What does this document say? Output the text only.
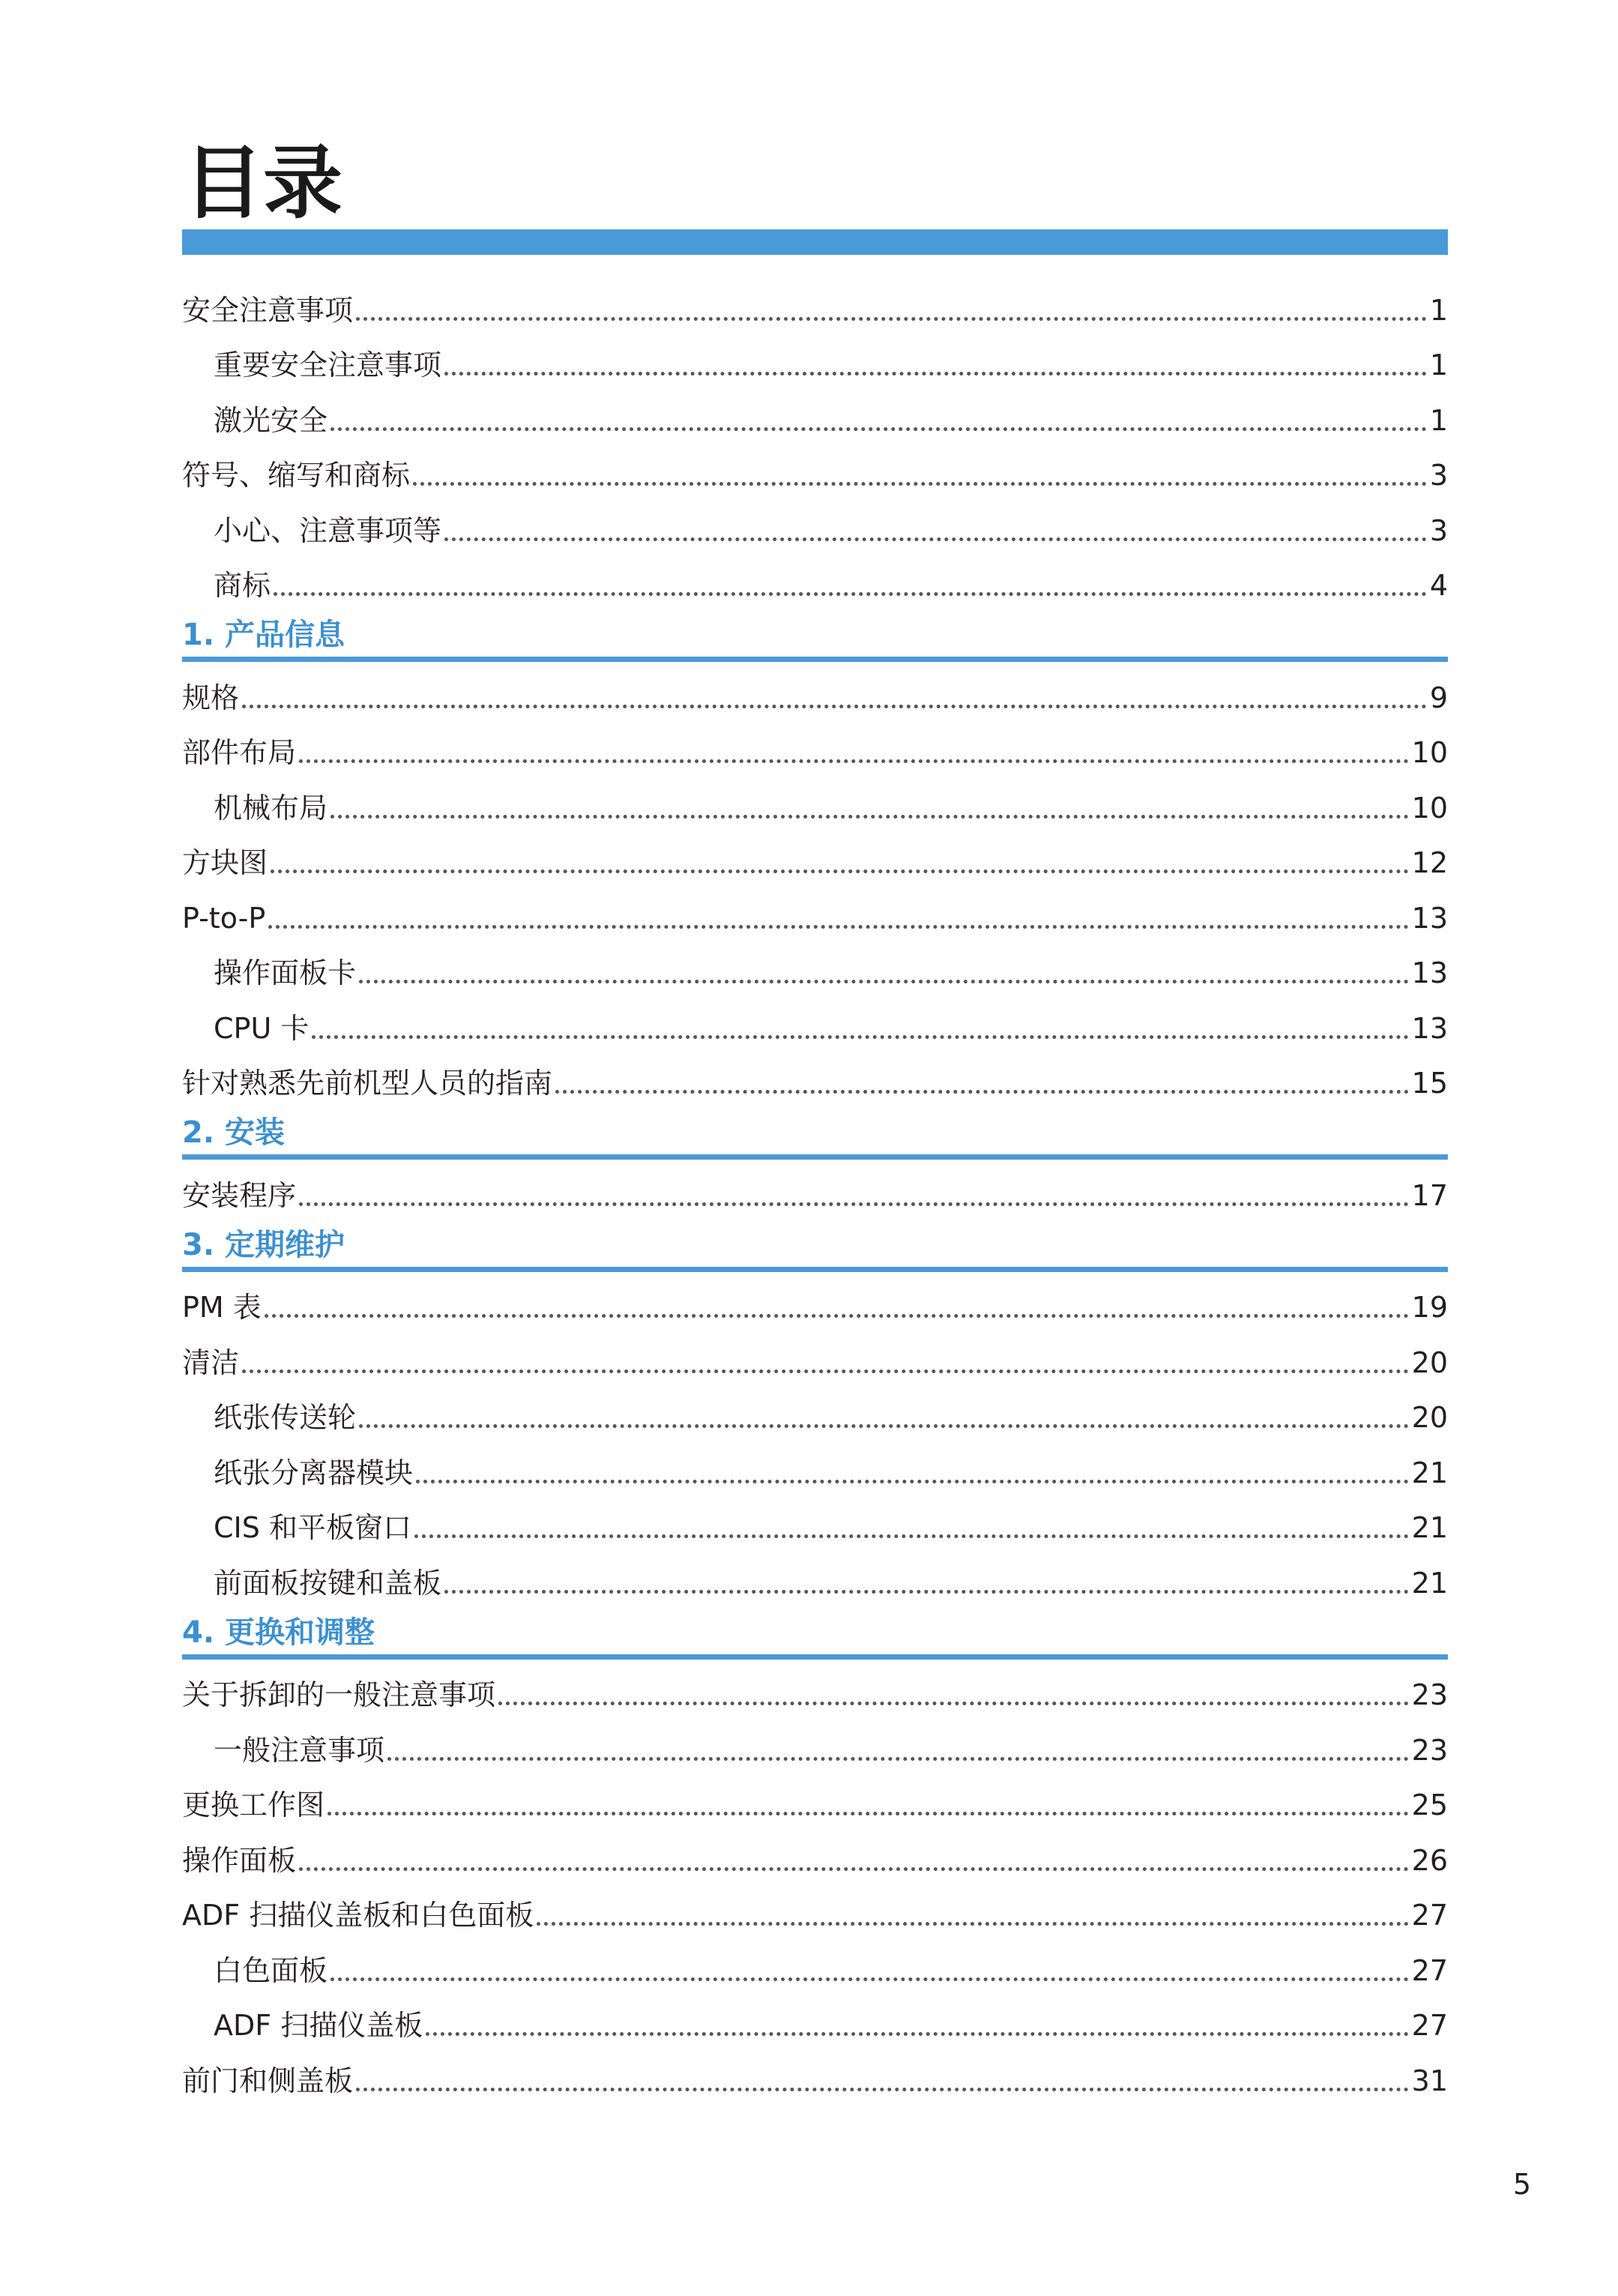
目录
安全注意事项	1
重要安全注意事项	1
激光安全	1
符号、缩写和商标	3
小心、注意事项等	3
商标	4
1. 产品信息
规格	9
部件布局	10
机械布局	10
方块图	12
P-to-P	13
操作面板卡	13
CPU 卡	13
针对熟悉先前机型人员的指南	15
2. 安装
安装程序	17
3. 定期维护
PM 表	19
清洁	20
纸张传送轮	20
纸张分离器模块	21
CIS 和平板窗口	21
前面板按键和盖板	21
4. 更换和调整
关于拆卸的一般注意事项	23
一般注意事项	23
更换工作图	25
操作面板	26
ADF 扫描仪盖板和白色面板	27
白色面板	27
ADF 扫描仪盖板	27
前门和侧盖板	31
5
